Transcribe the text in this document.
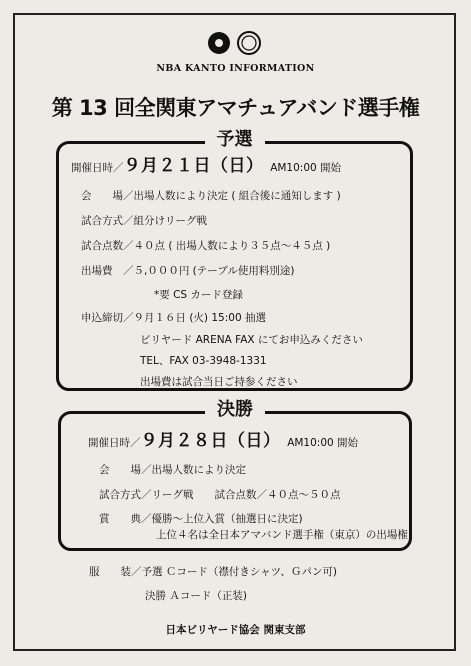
NBA KANTO INFORMATION
第 13 回全関東アマチュアバンド選手権
予選
開催日時／９月２１日（日） AM10:00 開始
会　　場／出場人数により決定 ( 組合後に通知します )
試合方式／組分けリーグ戦
試合点数／４０点 ( 出場人数により３５点～４５点 )
出場費　／５,０００円 (テーブル使用料別途)
*要 CS カード登録
申込締切／９月１６日 (火) 15:00 抽選
ビリヤード ARENA FAX にてお申込みください
TEL、FAX 03-3948-1331
出場費は試合当日ご持参ください
決勝
開催日時／９月２８日（日） AM10:00 開始
会　　場／出場人数により決定
試合方式／リーグ戦　　試合点数／４０点～５０点
賞　　典／優勝～上位入賞（抽選日に決定)
上位４名は全日本アマバンド選手権（東京）の出場権
服　　装／予選 Ｃコード（襟付きシャツ、Ｇパン可)
決勝 Ａコード（正装)
日本ビリヤード協会 関東支部
